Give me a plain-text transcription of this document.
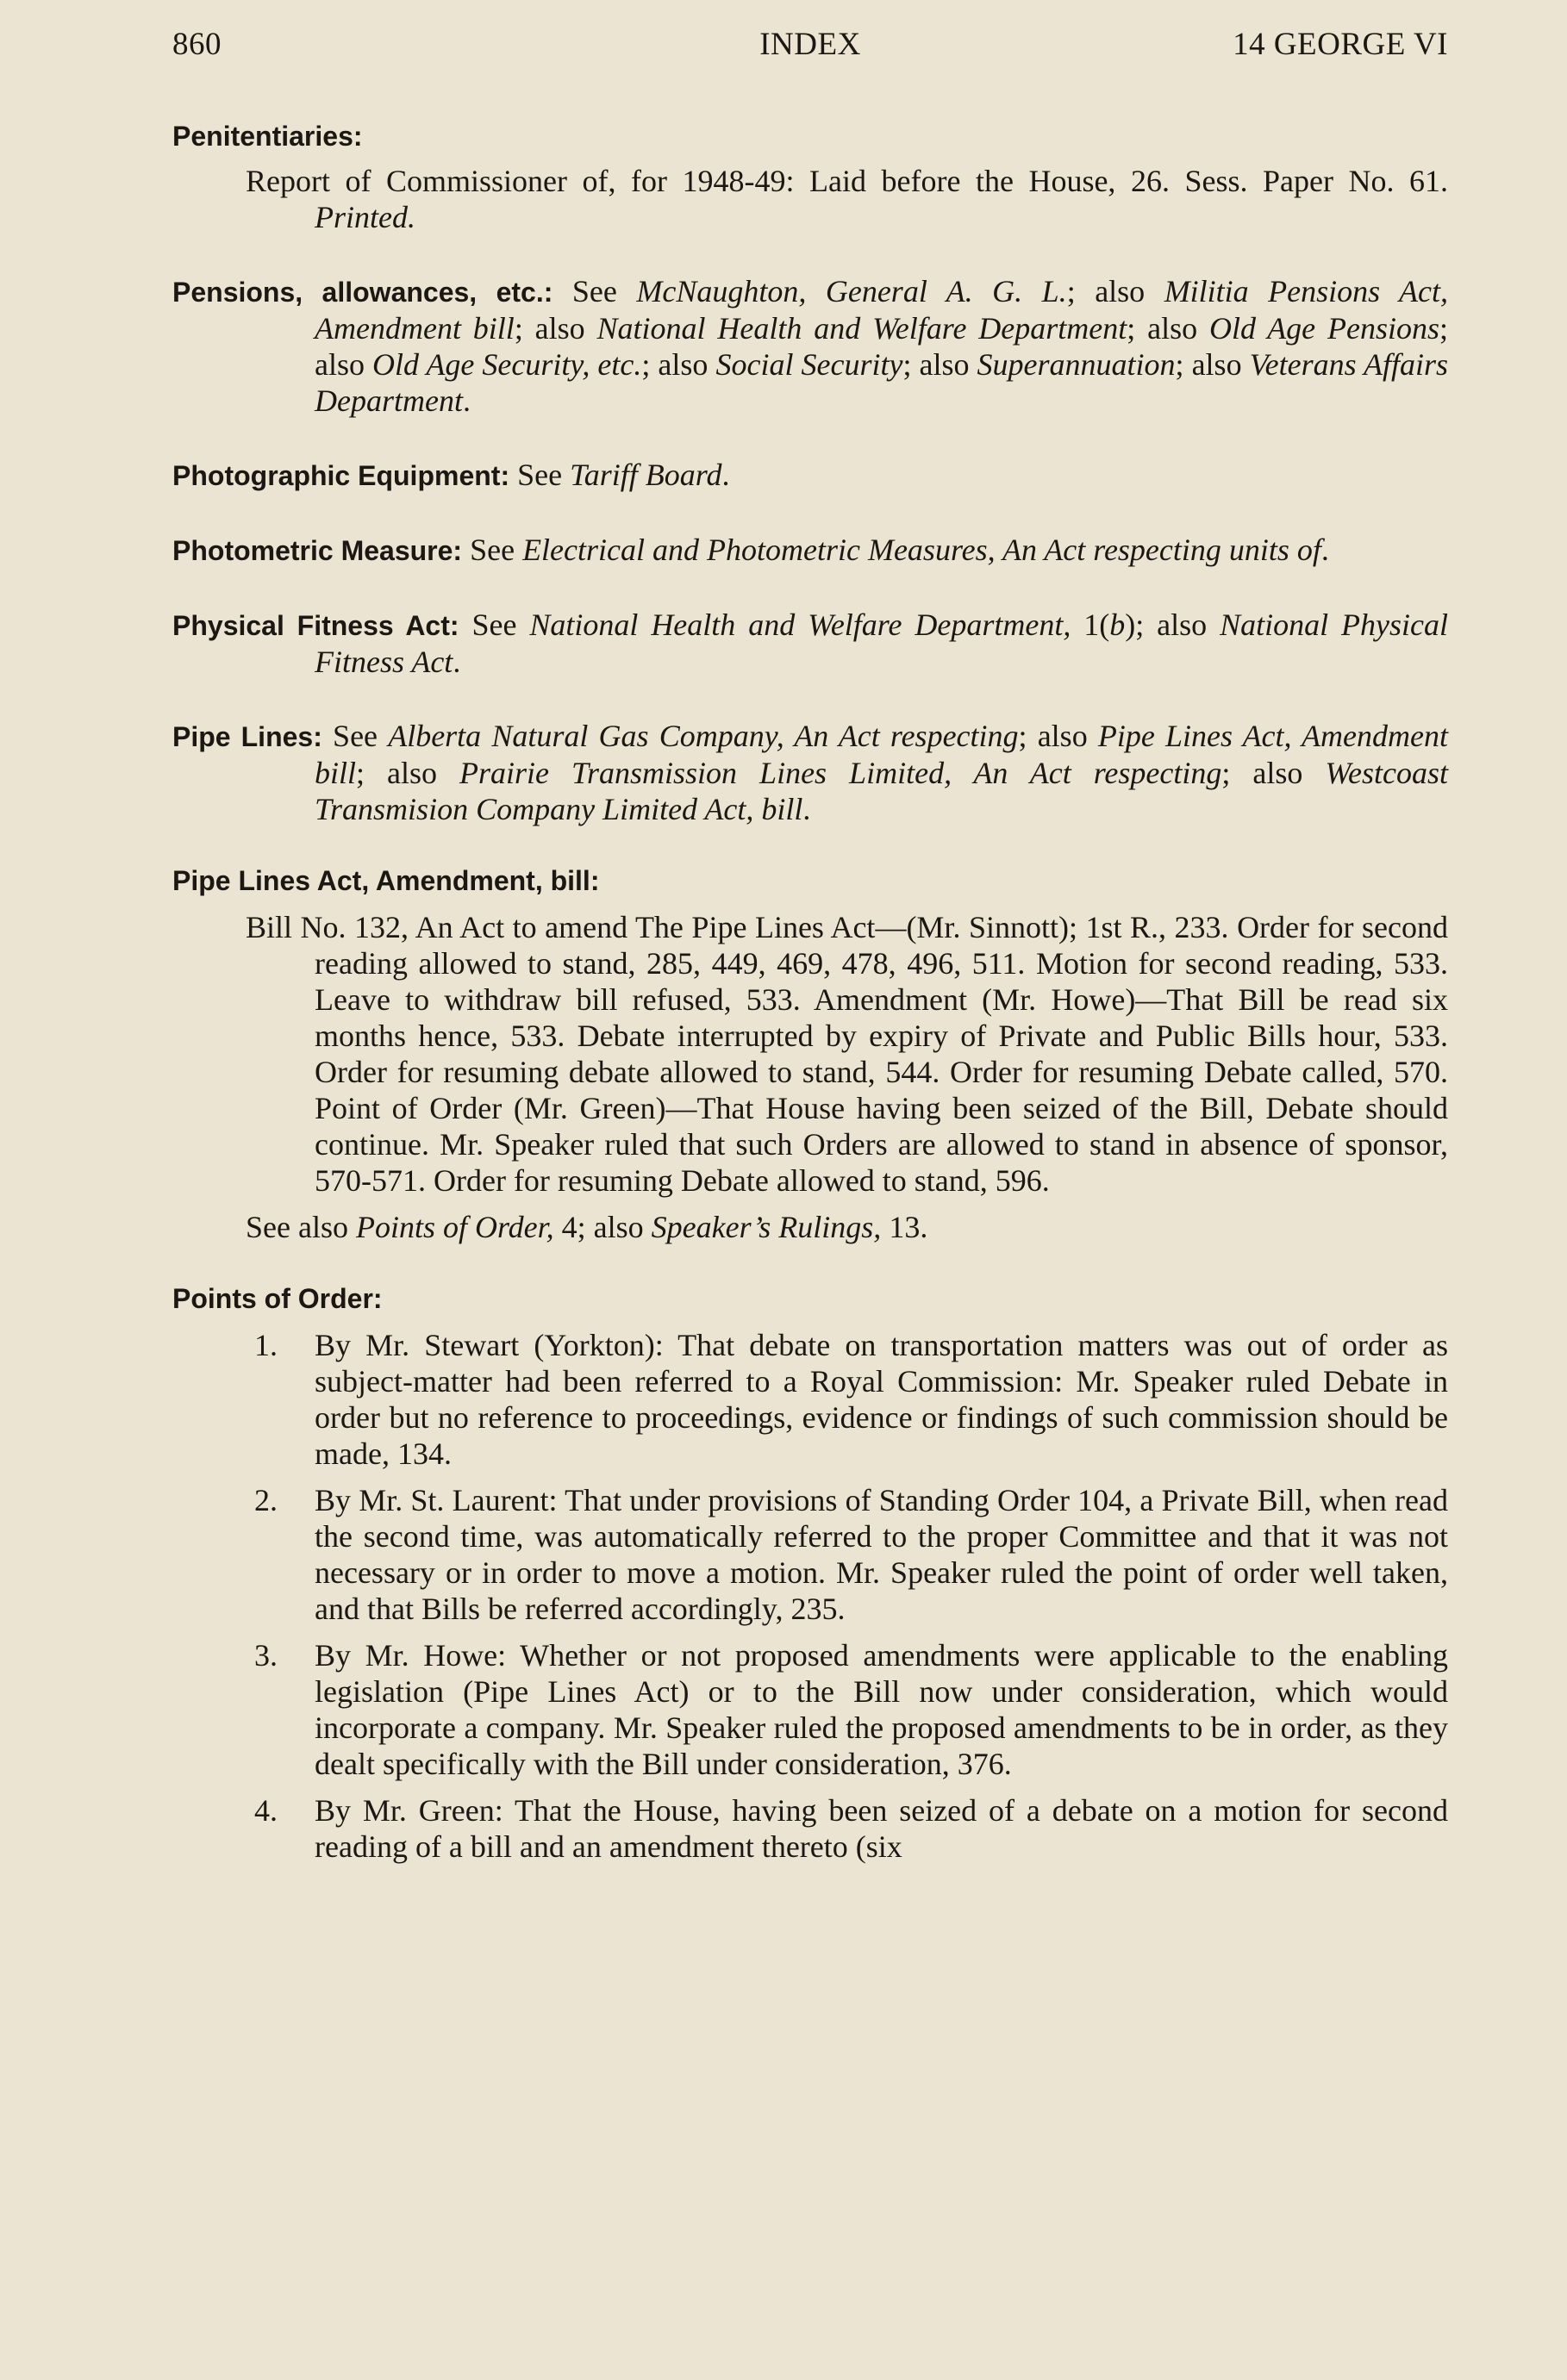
860	INDEX	14 GEORGE VI
Penitentiaries:
Report of Commissioner of, for 1948-49: Laid before the House, 26. Sess. Paper No. 61. Printed.
Pensions, allowances, etc.: See McNaughton, General A. G. L.; also Militia Pensions Act, Amendment bill; also National Health and Welfare Department; also Old Age Pensions; also Old Age Security, etc.; also Social Security; also Superannuation; also Veterans Affairs Department.
Photographic Equipment: See Tariff Board.
Photometric Measure: See Electrical and Photometric Measures, An Act respecting units of.
Physical Fitness Act: See National Health and Welfare Department, 1(b); also National Physical Fitness Act.
Pipe Lines: See Alberta Natural Gas Company, An Act respecting; also Pipe Lines Act, Amendment bill; also Prairie Transmission Lines Limited, An Act respecting; also Westcoast Transmision Company Limited Act, bill.
Pipe Lines Act, Amendment, bill:
Bill No. 132, An Act to amend The Pipe Lines Act—(Mr. Sinnott); 1st R., 233. Order for second reading allowed to stand, 285, 449, 469, 478, 496, 511. Motion for second reading, 533. Leave to withdraw bill refused, 533. Amendment (Mr. Howe)—That Bill be read six months hence, 533. Debate interrupted by expiry of Private and Public Bills hour, 533. Order for resuming debate allowed to stand, 544. Order for resuming Debate called, 570. Point of Order (Mr. Green)—That House having been seized of the Bill, Debate should continue. Mr. Speaker ruled that such Orders are allowed to stand in absence of sponsor, 570-571. Order for resuming Debate allowed to stand, 596.
See also Points of Order, 4; also Speaker’s Rulings, 13.
Points of Order:
1. By Mr. Stewart (Yorkton): That debate on transportation matters was out of order as subject-matter had been referred to a Royal Commission: Mr. Speaker ruled Debate in order but no reference to proceedings, evidence or findings of such commission should be made, 134.
2. By Mr. St. Laurent: That under provisions of Standing Order 104, a Private Bill, when read the second time, was automatically referred to the proper Committee and that it was not necessary or in order to move a motion. Mr. Speaker ruled the point of order well taken, and that Bills be referred accordingly, 235.
3. By Mr. Howe: Whether or not proposed amendments were applicable to the enabling legislation (Pipe Lines Act) or to the Bill now under consideration, which would incorporate a company. Mr. Speaker ruled the proposed amendments to be in order, as they dealt specifically with the Bill under consideration, 376.
4. By Mr. Green: That the House, having been seized of a debate on a motion for second reading of a bill and an amendment thereto (six
